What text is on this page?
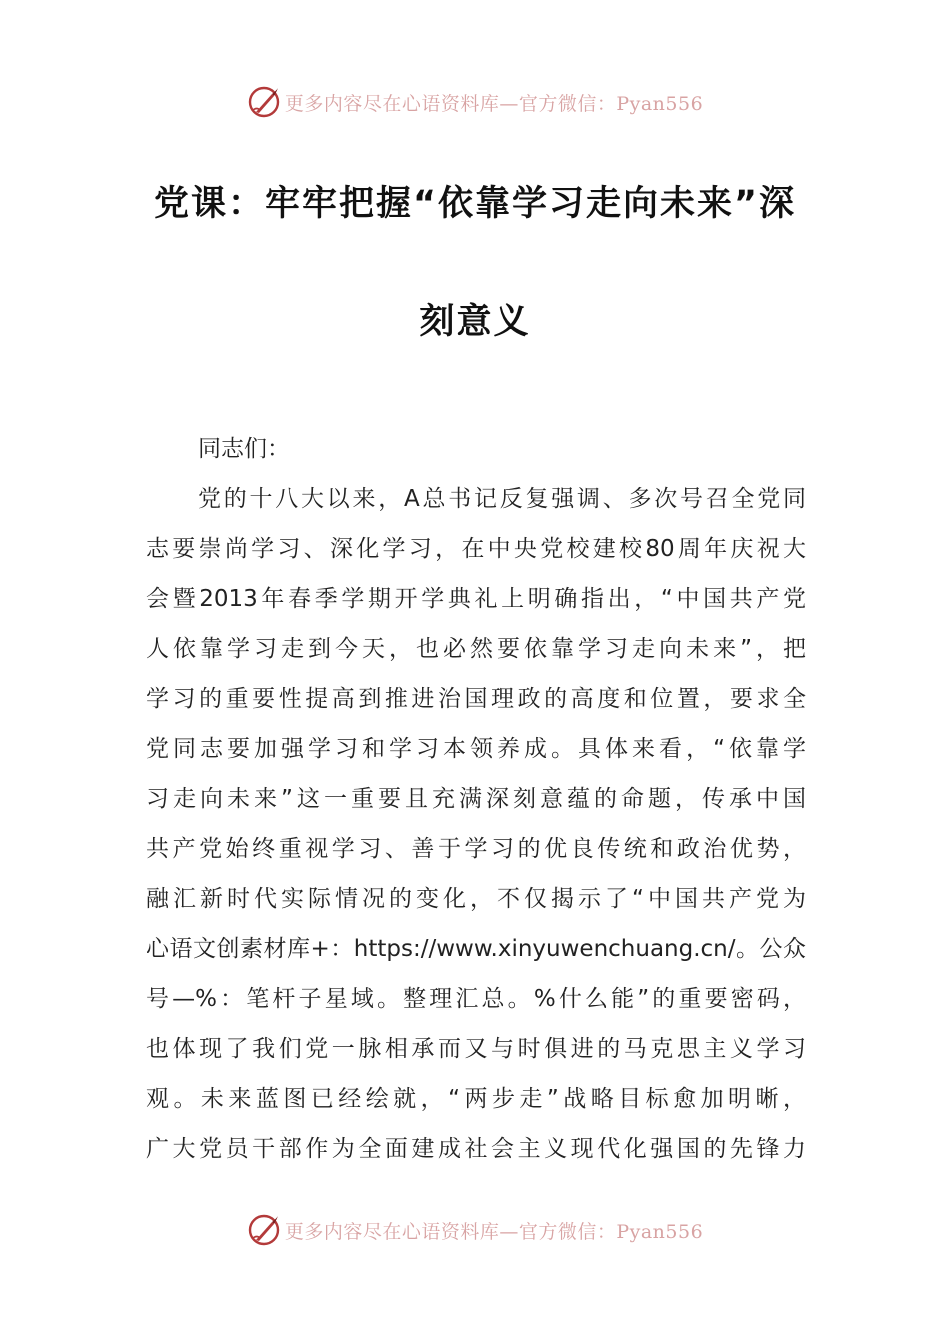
更多内容尽在心语资料库—官方微信：Pyan556
党课：牢牢把握“依靠学习走向未来”深
刻意义
同志们：
党的十八大以来，A总书记反复强调、多次号召全党同
志要崇尚学习、深化学习，在中央党校建校80周年庆祝大
会暨2013年春季学期开学典礼上明确指出，“中国共产党
人依靠学习走到今天，也必然要依靠学习走向未来”，把
学习的重要性提高到推进治国理政的高度和位置，要求全
党同志要加强学习和学习本领养成。具体来看，“依靠学
习走向未来”这一重要且充满深刻意蕴的命题，传承中国
共产党始终重视学习、善于学习的优良传统和政治优势，
融汇新时代实际情况的变化，不仅揭示了“中国共产党为
心语文创素材库+：https://www.xinyuwenchuang.cn/。公众
号—%：笔杆子星域。整理汇总。%什么能”的重要密码，
也体现了我们党一脉相承而又与时俱进的马克思主义学习
观。未来蓝图已经绘就，“两步走”战略目标愈加明晰，
广大党员干部作为全面建成社会主义现代化强国的先锋力
更多内容尽在心语资料库—官方微信：Pyan556
